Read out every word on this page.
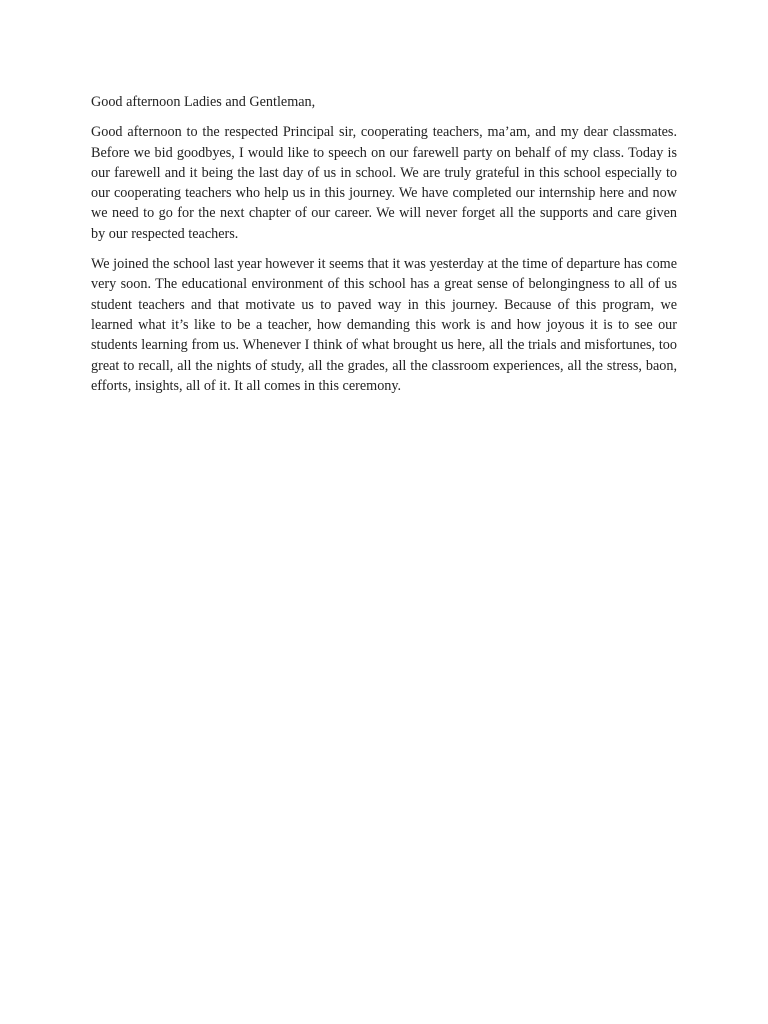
Good afternoon Ladies and Gentleman,

Good afternoon to the respected Principal sir, cooperating teachers, ma’am, and my dear classmates. Before we bid goodbyes, I would like to speech on our farewell party on behalf of my class. Today is our farewell and it being the last day of us in school. We are truly grateful in this school especially to our cooperating teachers who help us in this journey. We have completed our internship here and now we need to go for the next chapter of our career. We will never forget all the supports and care given by our respected teachers.

We joined the school last year however it seems that it was yesterday at the time of departure has come very soon. The educational environment of this school has a great sense of belongingness to all of us student teachers and that motivate us to paved way in this journey. Because of this program, we learned what it’s like to be a teacher, how demanding this work is and how joyous it is to see our students learning from us. Whenever I think of what brought us here, all the trials and misfortunes, too great to recall, all the nights of study, all the grades, all the classroom experiences, all the stress, baon, efforts, insights, all of it. It all comes in this ceremony.
